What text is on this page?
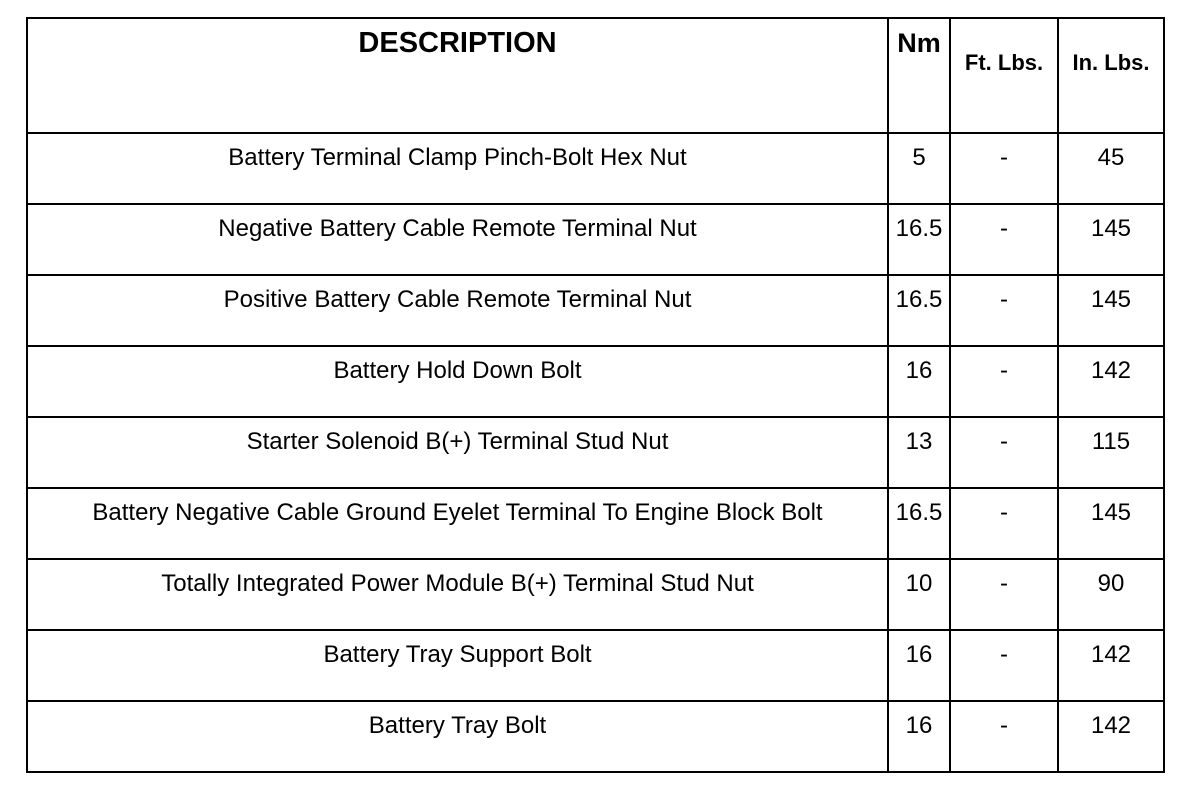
DESCRIPTION	Nm	Ft. Lbs.	In. Lbs.
Battery Terminal Clamp Pinch-Bolt Hex Nut	5	-	45
Negative Battery Cable Remote Terminal Nut	16.5	-	145
Positive Battery Cable Remote Terminal Nut	16.5	-	145
Battery Hold Down Bolt	16	-	142
Starter Solenoid B(+) Terminal Stud Nut	13	-	115
Battery Negative Cable Ground Eyelet Terminal To Engine Block Bolt	16.5	-	145
Totally Integrated Power Module B(+) Terminal Stud Nut	10	-	90
Battery Tray Support Bolt	16	-	142
Battery Tray Bolt	16	-	142
